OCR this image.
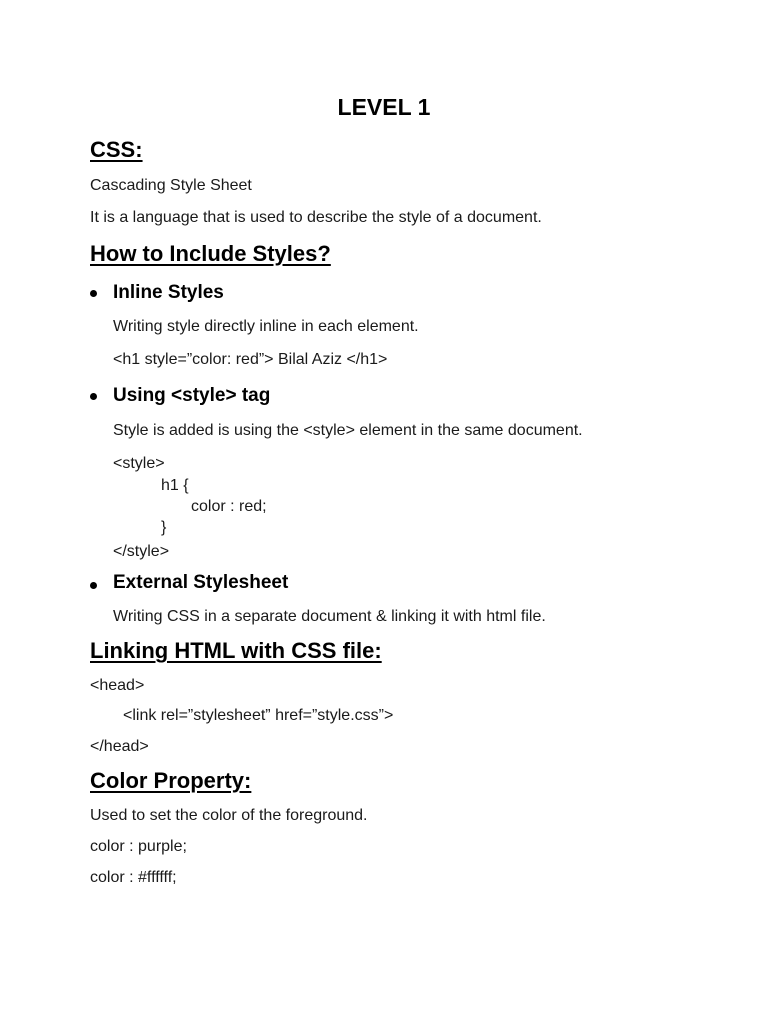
LEVEL 1
CSS:
Cascading Style Sheet
It is a language that is used to describe the style of a document.
How to Include Styles?
Inline Styles
Writing style directly inline in each element.
<h1 style=”color: red”> Bilal Aziz </h1>
Using <style> tag
Style is added is using the <style> element in the same document.
<style>
h1 {
color : red;
}
</style>
External Stylesheet
Writing CSS in a separate document & linking it with html file.
Linking HTML with CSS file:
<head>
<link rel=”stylesheet” href=”style.css”>
</head>
Color Property:
Used to set the color of the foreground.
color : purple;
color : #ffffff;
